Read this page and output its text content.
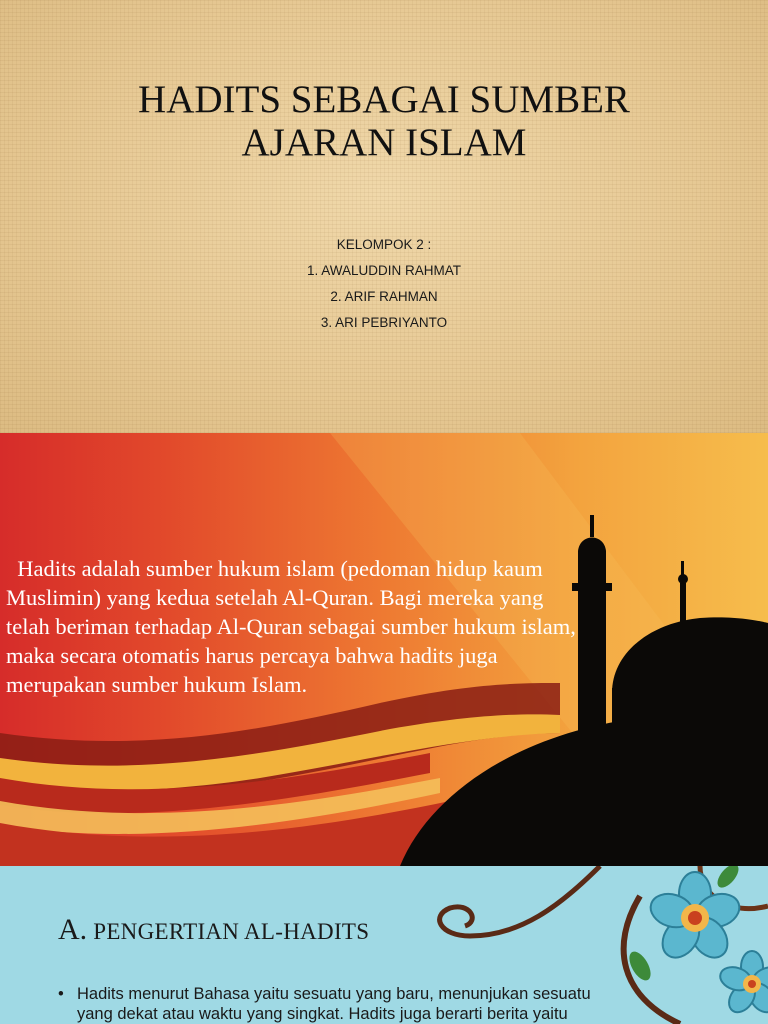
HADITS SEBAGAI SUMBER
AJARAN ISLAM
KELOMPOK 2 :
1. AWALUDDIN RAHMAT
2. ARIF RAHMAN
3. ARI PEBRIYANTO
Hadits adalah sumber hukum islam (pedoman hidup kaum
Muslimin) yang kedua setelah Al-Quran. Bagi mereka yang
telah beriman terhadap Al-Quran sebagai sumber hukum islam,
maka secara otomatis harus percaya bahwa hadits juga
merupakan sumber hukum Islam.
A. PENGERTIAN AL-HADITS
• Hadits menurut Bahasa yaitu sesuatu yang baru, menunjukan sesuatu
yang dekat atau waktu yang singkat. Hadits juga berarti berita yaitu
